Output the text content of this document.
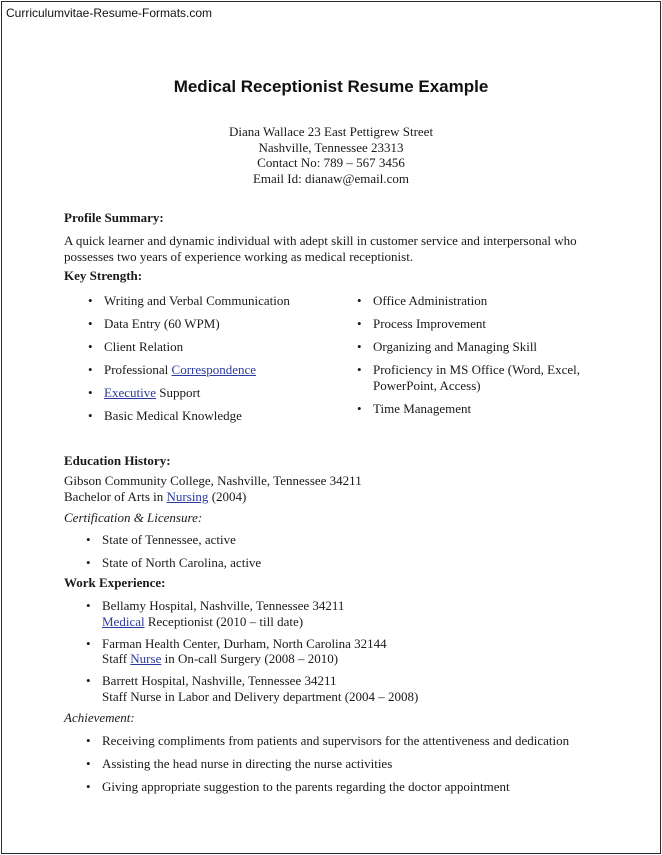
Curriculumvitae-Resume-Formats.com
Medical Receptionist Resume Example
Diana Wallace 23 East Pettigrew Street
Nashville, Tennessee 23313
Contact No: 789 – 567 3456
Email Id: dianaw@email.com
Profile Summary:
A quick learner and dynamic individual with adept skill in customer service and interpersonal who possesses two years of experience working as medical receptionist.
Key Strength:
• Writing and Verbal Communication
• Data Entry (60 WPM)
• Client Relation
• Professional Correspondence
• Executive Support
• Basic Medical Knowledge
• Office Administration
• Process Improvement
• Organizing and Managing Skill
• Proficiency in MS Office (Word, Excel,
PowerPoint, Access)
• Time Management
Education History:
Gibson Community College, Nashville, Tennessee 34211
Bachelor of Arts in Nursing (2004)
Certification & Licensure:
• State of Tennessee, active
• State of North Carolina, active
Work Experience:
• Bellamy Hospital, Nashville, Tennessee 34211
Medical Receptionist (2010 – till date)
• Farman Health Center, Durham, North Carolina 32144
Staff Nurse in On-call Surgery (2008 – 2010)
• Barrett Hospital, Nashville, Tennessee 34211
Staff Nurse in Labor and Delivery department (2004 – 2008)
Achievement:
• Receiving compliments from patients and supervisors for the attentiveness and dedication
• Assisting the head nurse in directing the nurse activities
• Giving appropriate suggestion to the parents regarding the doctor appointment
